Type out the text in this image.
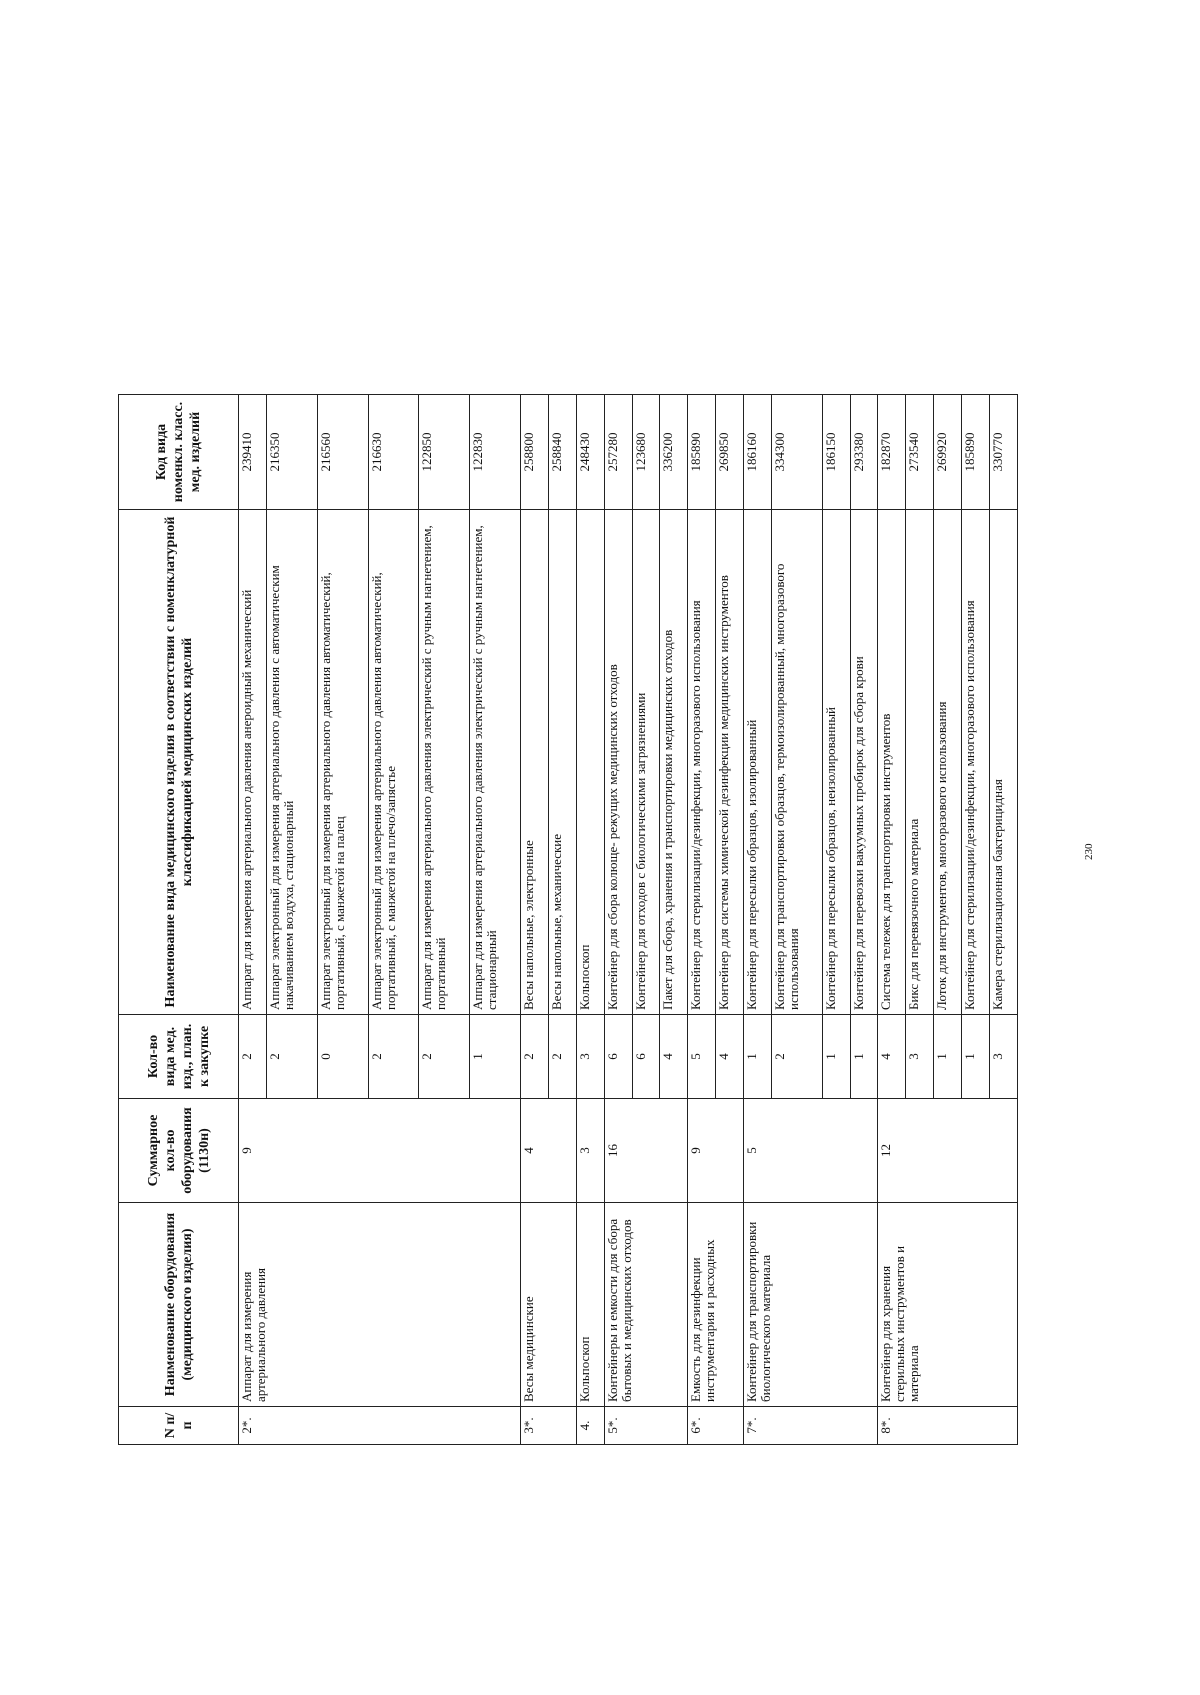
N п/п	Наименование оборудования (медицинского изделия)	Суммарное кол-во оборудования (1130н)	Кол-во вида мед. изд., план. к закупке	Наименование вида медицинского изделия в соответствии с номенклатурной классификацией медицинских изделий	Код вида номенкл. класс. мед. изделий
2*.	Аппарат для измерения артериального давления	9	2	Аппарат для измерения артериального давления анероидный механический	239410
			2	Аппарат электронный для измерения артериального давления с автоматическим накачиванием воздуха, стационарный	216350
			0	Аппарат электронный для измерения артериального давления автоматический, портативный, с манжетой на палец	216560
			2	Аппарат электронный для измерения артериального давления автоматический, портативный, с манжетой на плечо/запястье	216630
			2	Аппарат для измерения артериального давления электрический с ручным нагнетением, портативный	122850
			1	Аппарат для измерения артериального давления электрический с ручным нагнетением, стационарный	122830
3*.	Весы медицинские	4	2	Весы напольные, электронные	258800
			2	Весы напольные, механические	258840
4.	Кольпоскоп	3	3	Кольпоскоп	248430
5*.	Контейнеры и емкости для сбора бытовых и медицинских отходов	16	6	Контейнер для сбора колюще- режущих медицинских отходов	257280
			6	Контейнер для отходов с биологическими загрязнениями	123680
			4	Пакет для сбора, хранения и транспортировки медицинских отходов	336200
6*.	Емкость для дезинфекции инструментария и расходных	9	5	Контейнер для стерилизации/дезинфекции, многоразового использования	185890
			4	Контейнер для системы химической дезинфекции медицинских инструментов	269850
7*.	Контейнер для транспортировки биологического материала	5	1	Контейнер для пересылки образцов, изолированный	186160
			2	Контейнер для транспортировки образцов, термоизолированный, многоразового использования	334300
			1	Контейнер для пересылки образцов, неизолированный	186150
			1	Контейнер для перевозки вакуумных пробирок для сбора крови	293380
8*.	Контейнер для хранения стерильных инструментов и материала	12	4	Система тележек для транспортировки инструментов	182870
			3	Бикс для перевязочного материала	273540
			1	Лоток для инструментов, многоразового использования	269920
			1	Контейнер для стерилизации/дезинфекции, многоразового использования	185890
			3	Камера стерилизационная бактерицидная	330770
230
